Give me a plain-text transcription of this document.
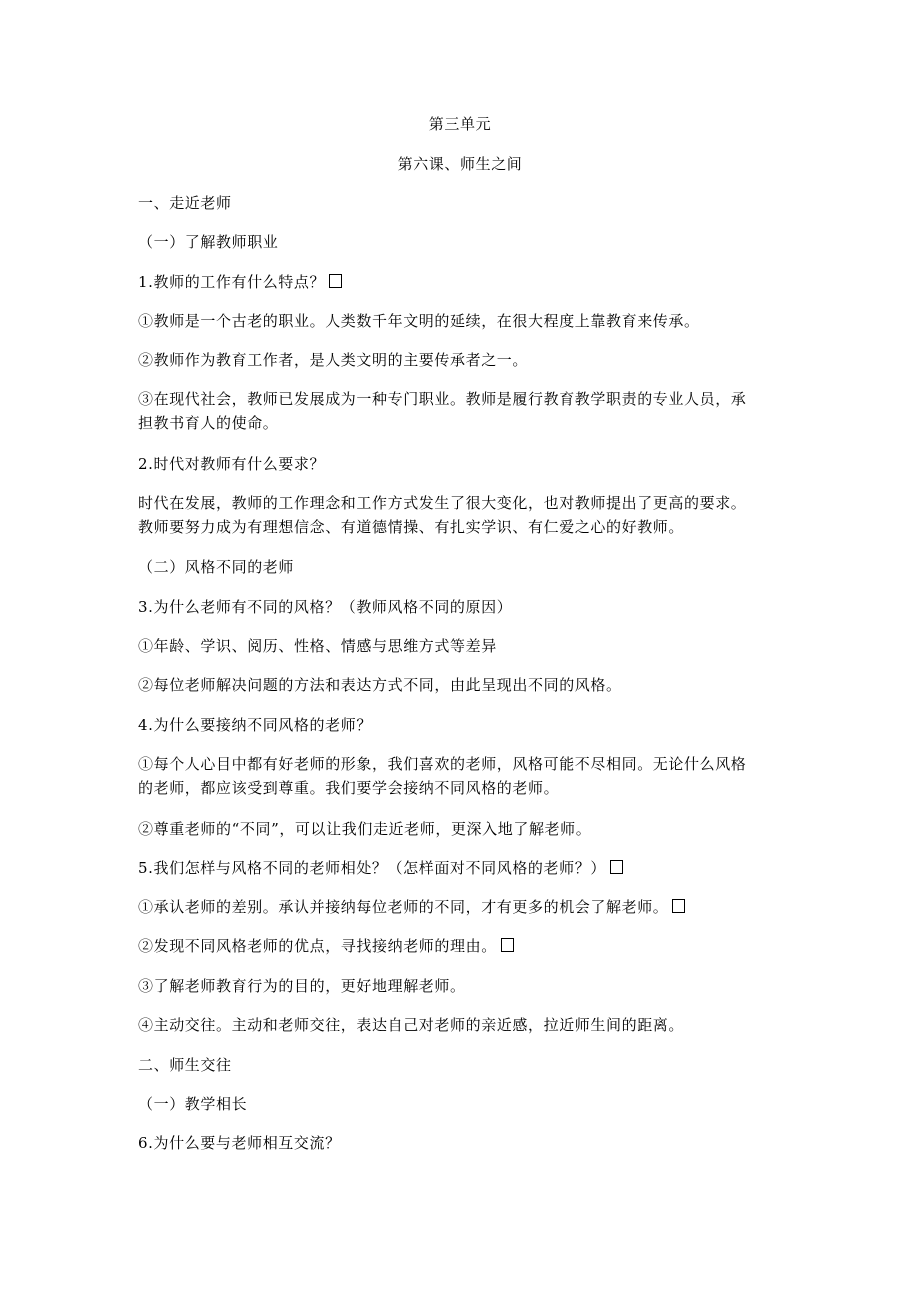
第三单元
第六课、师生之间
一、走近老师
（一）了解教师职业
1.教师的工作有什么特点？
①教师是一个古老的职业。人类数千年文明的延续，在很大程度上靠教育来传承。
②教师作为教育工作者，是人类文明的主要传承者之一。
③在现代社会，教师已发展成为一种专门职业。教师是履行教育教学职责的专业人员，承
担教书育人的使命。
2.时代对教师有什么要求？
时代在发展，教师的工作理念和工作方式发生了很大变化，也对教师提出了更高的要求。
教师要努力成为有理想信念、有道德情操、有扎实学识、有仁爱之心的好教师。
（二）风格不同的老师
3.为什么老师有不同的风格？（教师风格不同的原因）
①年龄、学识、阅历、性格、情感与思维方式等差异
②每位老师解决问题的方法和表达方式不同，由此呈现出不同的风格。
4.为什么要接纳不同风格的老师？
①每个人心目中都有好老师的形象，我们喜欢的老师，风格可能不尽相同。无论什么风格
的老师，都应该受到尊重。我们要学会接纳不同风格的老师。
②尊重老师的“不同”，可以让我们走近老师，更深入地了解老师。
5.我们怎样与风格不同的老师相处？（怎样面对不同风格的老师？）
①承认老师的差别。承认并接纳每位老师的不同，才有更多的机会了解老师。
②发现不同风格老师的优点，寻找接纳老师的理由。
③了解老师教育行为的目的，更好地理解老师。
④主动交往。主动和老师交往，表达自己对老师的亲近感，拉近师生间的距离。
二、师生交往
（一）教学相长
6.为什么要与老师相互交流？
